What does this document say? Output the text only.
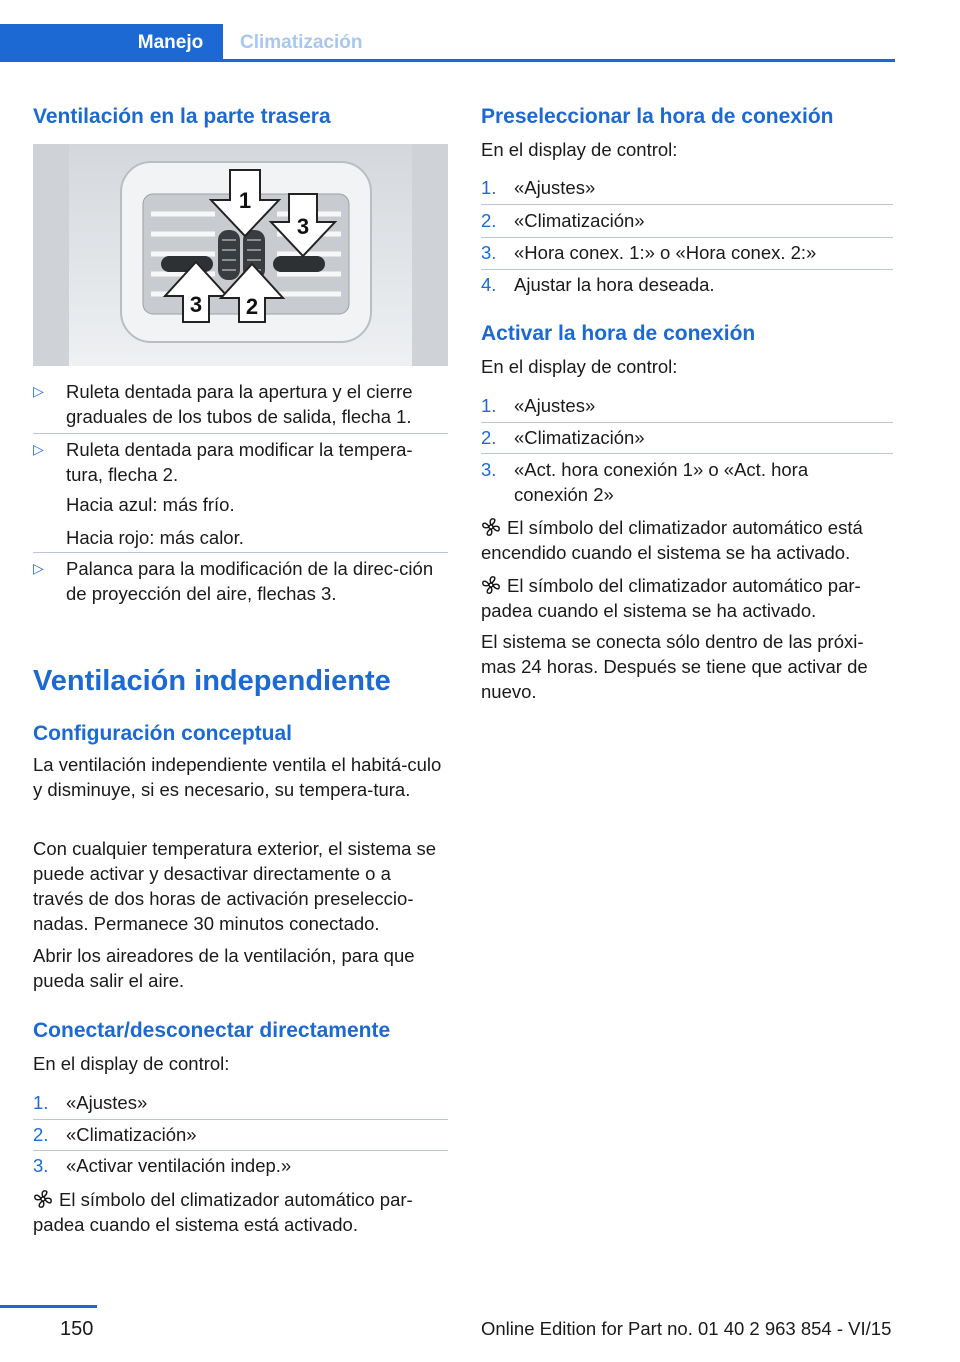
Manejo	Climatización
Ventilación en la parte trasera
1
3
3 2
▷ Ruleta dentada para la apertura y el cierre graduales de los tubos de salida, flecha 1.
▷ Ruleta dentada para modificar la tempera‐tura, flecha 2.
Hacia azul: más frío.
Hacia rojo: más calor.
▷ Palanca para la modificación de la direc‐ción de proyección del aire, flechas 3.
Ventilación independiente
Configuración conceptual

La ventilación independiente ventila el habitá‐culo y disminuye, si es necesario, su tempera‐tura.

Con cualquier temperatura exterior, el sistema se puede activar y desactivar directamente o a través de dos horas de activación preseleccio‐nadas. Permanece 30 minutos conectado.

Abrir los aireadores de la ventilación, para que pueda salir el aire.

Conectar/desconectar directamente

En el display de control:

1. «Ajustes»
2. «Climatización»
3. «Activar ventilación indep.»

El símbolo del climatizador automático par‐padea cuando el sistema está activado.

Preseleccionar la hora de conexión

En el display de control:

1. «Ajustes»
2. «Climatización»
3. «Hora conex. 1:» o «Hora conex. 2:»
4. Ajustar la hora deseada.
Activar la hora de conexión

En el display de control:

1. «Ajustes»
2. «Climatización»
3. «Act. hora conexión 1» o «Act. hora conexión 2»

El símbolo del climatizador automático está encendido cuando el sistema se ha activado.

El símbolo del climatizador automático par‐padea cuando el sistema se ha activado.

El sistema se conecta sólo dentro de las próxi‐mas 24 horas. Después se tiene que activar de nuevo.

150	Online Edition for Part no. 01 40 2 963 854 - VI/15
